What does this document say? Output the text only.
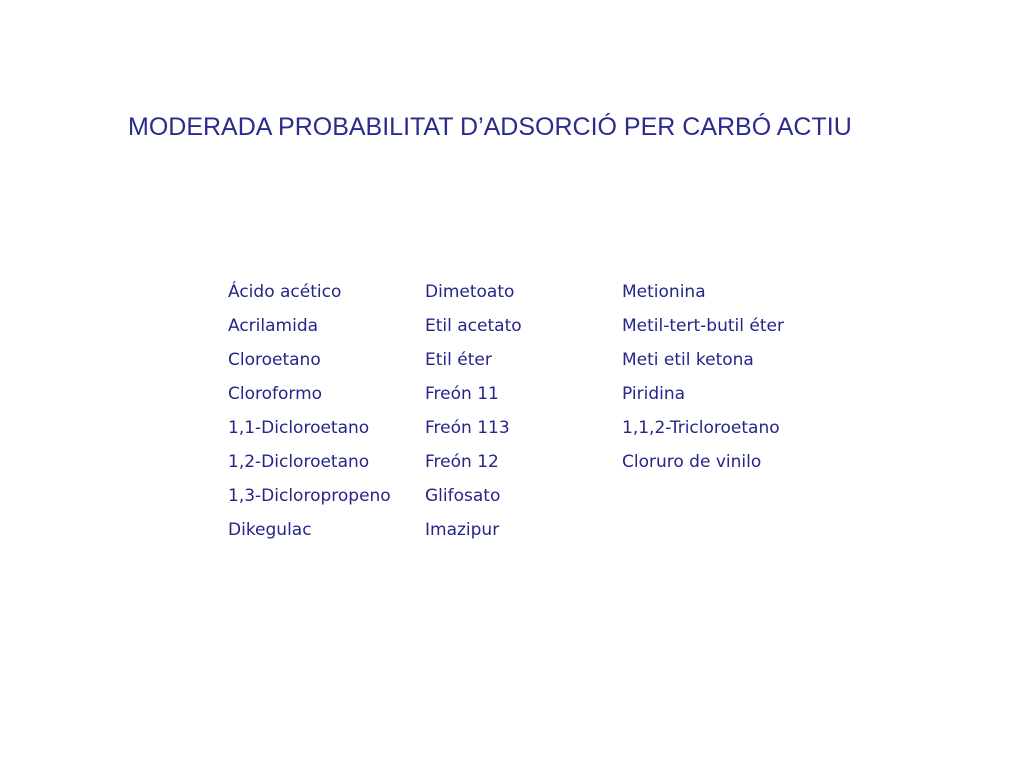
MODERADA PROBABILITAT D’ADSORCIÓ PER CARBÓ ACTIU
Ácido acético	Dimetoato	Metionina
Acrilamida	Etil acetato	Metil-tert-butil éter
Cloroetano	Etil éter	Meti etil ketona
Cloroformo	Freón 11	Piridina
1,1-Dicloroetano	Freón 113	1,1,2-Tricloroetano
1,2-Dicloroetano	Freón 12	Cloruro de vinilo
1,3-Dicloropropeno	Glifosato
Dikegulac	Imazipur
